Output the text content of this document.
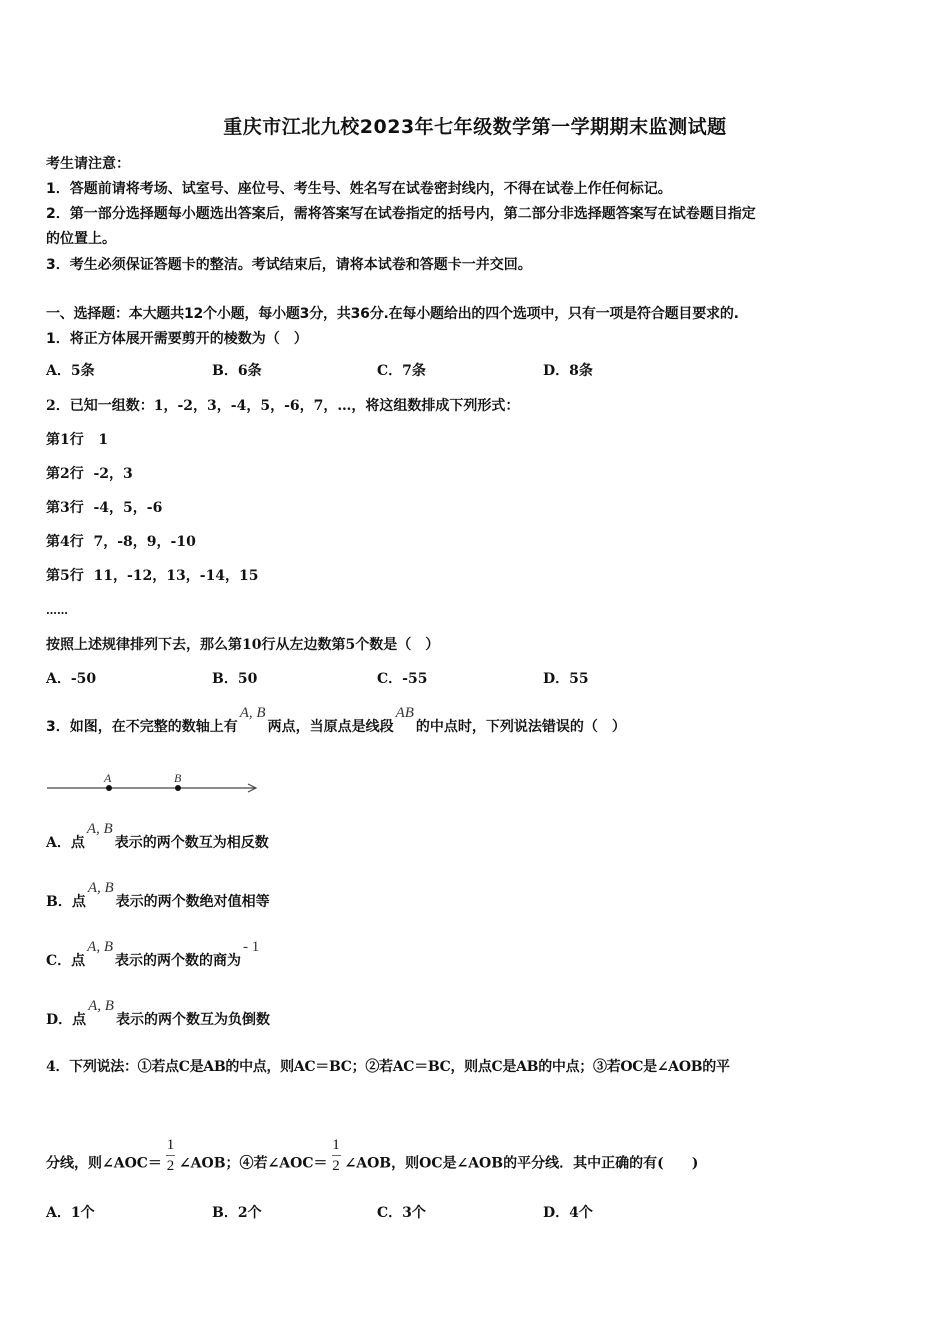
重庆市江北九校2023年七年级数学第一学期期末监测试题
考生请注意：
1．答题前请将考场、试室号、座位号、考生号、姓名写在试卷密封线内，不得在试卷上作任何标记。
2．第一部分选择题每小题选出答案后，需将答案写在试卷指定的括号内，第二部分非选择题答案写在试卷题目指定
的位置上。
3．考生必须保证答题卡的整洁。考试结束后，请将本试卷和答题卡一并交回。
一、选择题：本大题共12个小题，每小题3分，共36分.在每小题给出的四个选项中，只有一项是符合题目要求的.
1．将正方体展开需要剪开的棱数为（　）
A．5条	B．6条	C．7条	D．8条
2．已知一组数：1，-2，3，-4，5，-6，7，…，将这组数排成下列形式：
第1行 1
第2行 -2，3
第3行 -4，5，-6
第4行 7，-8，9，-10
第5行 11，-12，13，-14，15
……
按照上述规律排列下去，那么第10行从左边数第5个数是（　）
A．-50	B．50	C．-55	D．55
3．如图，在不完整的数轴上有A, B两点，当原点是线段AB的中点时，下列说法错误的（　）
A	B
A．点A, B表示的两个数互为相反数
B．点A, B表示的两个数绝对值相等
C．点A, B表示的两个数的商为- 1
D．点A, B表示的两个数互为负倒数
4．下列说法：①若点C是AB的中点，则AC＝BC；②若AC＝BC，则点C是AB的中点；③若OC是∠AOB的平
分线，则∠AOC＝ $\frac{1}{2}$ ∠AOB；④若∠AOC＝ $\frac{1}{2}$ ∠AOB，则OC是∠AOB的平分线．其中正确的有(　　)
A．1个	B．2个	C．3个	D．4个
